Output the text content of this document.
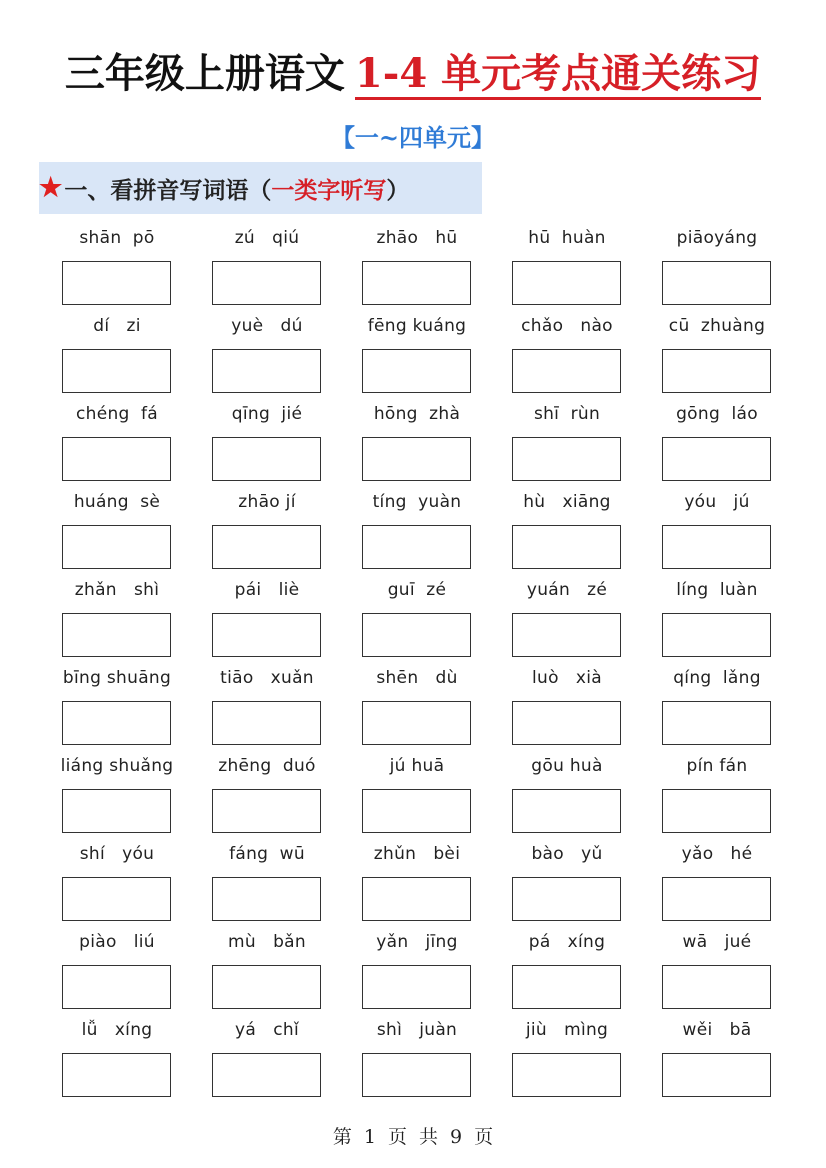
三年级上册语文 1-4 单元考点通关练习
【一~四单元】
★ 一、看拼音写词语（ 一类字听写 ）
shān  pō	zú   qiú	zhāo   hū	hū  huàn	piāoyáng
dí   zi	yuè   dú	fēng kuáng	chǎo   nào	cū  zhuàng
chéng  fá	qīng  jié	hōng  zhà	shī  rùn	gōng  láo
huáng  sè	zhāo jí	tíng  yuàn	hù   xiāng	yóu   jú
zhǎn   shì	pái   liè	guī  zé	yuán   zé	líng  luàn
bīng shuāng	tiāo   xuǎn	shēn   dù	luò   xià	qíng  lǎng
liáng shuǎng	zhēng  duó	jú huā	gōu huà	pín fán
shí   yóu	fáng  wū	zhǔn   bèi	bào   yǔ	yǎo   hé
piào   liú	mù   bǎn	yǎn   jīng	pá   xíng	wā   jué
lǚ   xíng	yá   chǐ	shì   juàn	jiù   mìng	wěi   bā
第 1 页 共 9 页
